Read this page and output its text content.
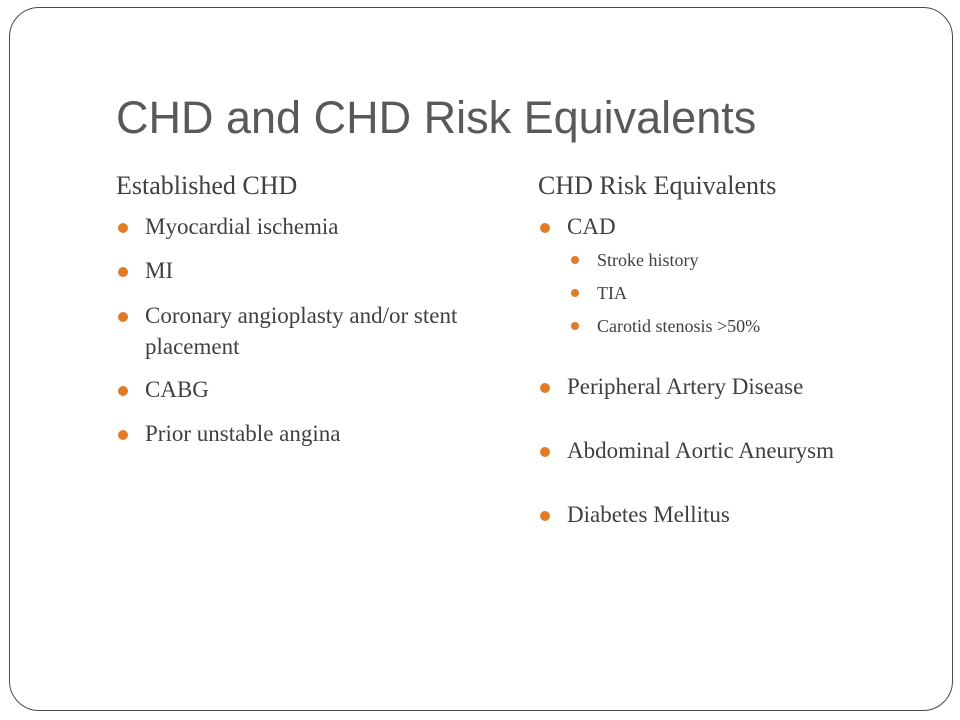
CHD and CHD Risk Equivalents
Established CHD
Myocardial ischemia
MI
Coronary angioplasty and/or stent placement
CABG
Prior unstable angina
CHD Risk Equivalents
CAD
Stroke history
TIA
Carotid stenosis >50%
Peripheral Artery Disease
Abdominal Aortic Aneurysm
Diabetes Mellitus
